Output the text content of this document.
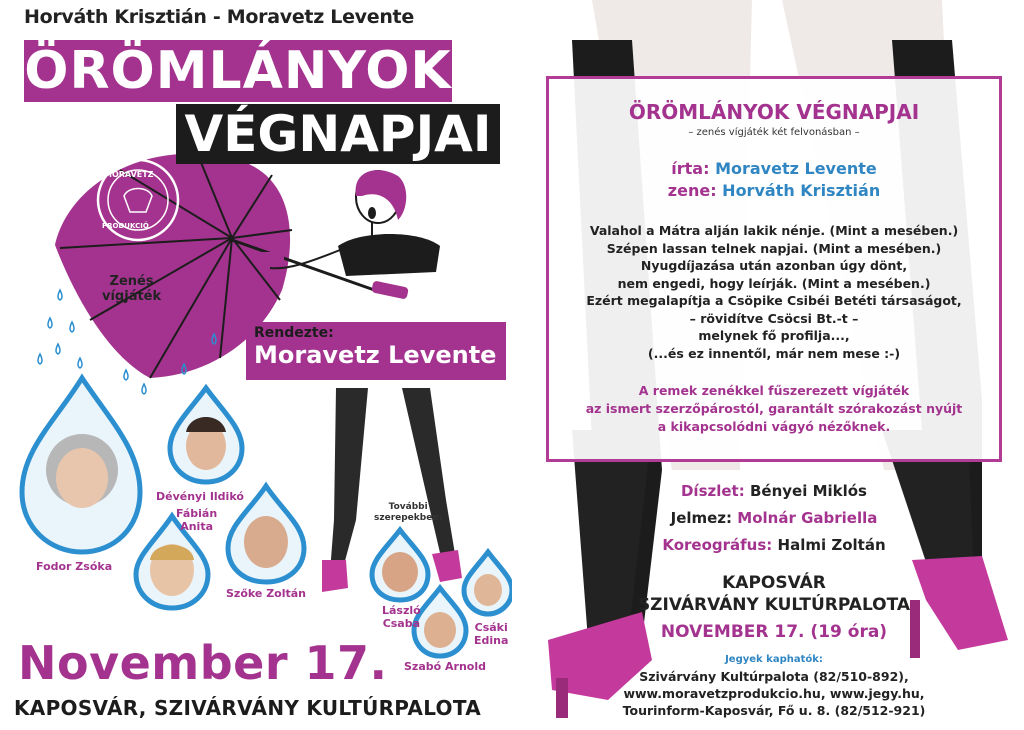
Horváth Krisztián - Moravetz Levente
ÖRÖMLÁNYOK
VÉGNAPJAI
MORAVETZ
PRODUKCIÓ
Zenés
vígjáték
Rendezte:
Moravetz Levente
Fodor Zsóka
Dévényi Ildikó
Fábián
Anita
Szőke Zoltán
László
Csaba	Csáki
Edina
Szabó Arnold
További
szerepekben:
November 17.
KAPOSVÁR, SZIVÁRVÁNY KULTÚRPALOTA
ÖRÖMLÁNYOK VÉGNAPJAI
– zenés vígjáték két felvonásban –
írta: Moravetz Levente
zene: Horváth Krisztián
Valahol a Mátra alján lakik nénje. (Mint a mesében.)
Szépen lassan telnek napjai. (Mint a mesében.)
Nyugdíjazása után azonban úgy dönt,
nem engedi, hogy leírják. (Mint a mesében.)
Ezért megalapítja a Csöpike Csibéi Betéti társaságot,
– rövidítve Csöcsi Bt.-t –
melynek fő profilja...,
(...és ez innentől, már nem mese :-)
A remek zenékkel fűszerezett vígjáték
az ismert szerzőpárostól, garantált szórakozást nyújt
a kikapcsolódni vágyó nézőknek.
Díszlet: Bényei Miklós
Jelmez: Molnár Gabriella
Koreográfus: Halmi Zoltán
KAPOSVÁR
SZIVÁRVÁNY KULTÚRPALOTA
NOVEMBER 17. (19 óra)
Jegyek kaphatók:
Szivárvány Kultúrpalota (82/510-892),
www.moravetzprodukcio.hu, www.jegy.hu,
Tourinform-Kaposvár, Fő u. 8. (82/512-921)
